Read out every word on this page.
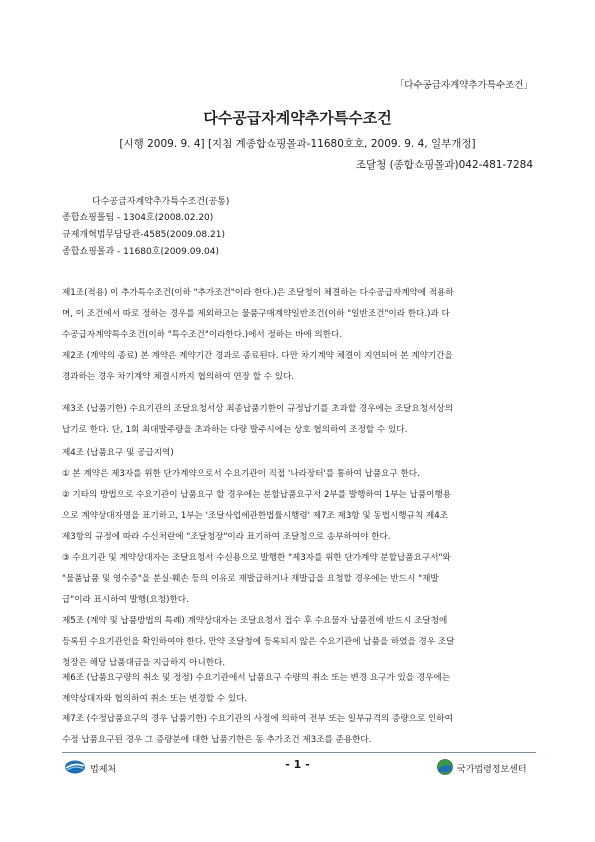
「다수공급자계약추가특수조건」
다수공급자계약추가특수조건
[시행 2009. 9. 4] [지침 계종합쇼핑몰과-11680호호, 2009. 9. 4, 일부개정]
조달청 (종합쇼핑몰과)042-481-7284
다수공급자계약추가특수조건(공통)
종합쇼핑몰팀 - 1304호(2008.02.20)
규제개혁법무담당관-4585(2009.08.21)
종합쇼핑몰과 - 11680호(2009.09.04)
제1조(적용) 이 추가특수조건(이하 "추가조건"이라 한다.)은 조달청이 체결하는 다수공급자계약에 적용하
며, 이 조건에서 따로 정하는 경우를 제외하고는 물품구매계약일반조건(이하 "일반조건"이라 한다.)과 다
수공급자계약특수조건(이하 "특수조건"이라한다.)에서 정하는 바에 의한다.
제2조 (계약의 종료) 본 계약은 계약기간 경과로 종료된다. 다만 차기계약 체결이 지연되어 본 계약기간을
경과하는 경우 차기계약 체결시까지 협의하여 연장 할 수 있다.
제3조 (납품기한) 수요기관의 조달요청서상 최종납품기한이 규정납기를 초과할 경우에는 조달요청서상의
납기로 한다. 단, 1회 최대발주량을 초과하는 다량 발주시에는 상호 협의하여 조정할 수 있다.
제4조 (납품요구 및 공급지역)
① 본 계약은 제3자를 위한 단가계약으로서 수요기관이 직접 '나라장터'를 통하여 납품요구 한다.
② 기타의 방법으로 수요기관이 납품요구 할 경우에는 분할납품요구서 2부를 발행하여 1부는 납품이행용
으로 계약상대자명을 표기하고, 1부는 '조달사업에관한법률시행령' 제7조 제3항 및 동법시행규칙 제4조
제3항의 규정에 따라 수신처란에 "조달청장"이라 표기하여 조달청으로 송부하여야 한다.
③ 수요기관 및 계약상대자는 조달요청서 수신용으로 발행한 "제3자를 위한 단가계약 분할납품요구서"와
"물품납품 및 영수증"을 분실·훼손 등의 이유로 재발급하거나 재발급을 요청할 경우에는 반드시 "재발
급"이라 표시하여 발행(요청)한다.
제5조 (계약 및 납품방법의 특례) 계약상대자는 조달요청서 접수 후 수요물자 납품전에 반드시 조달청에
등록된 수요기관인을 확인하여야 한다. 만약 조달청에 등록되지 않은 수요기관에 납품을 하였을 경우 조달
청장은 해당 납품대금을 지급하지 아니한다.
제6조 (납품요구량의 취소 및 정정) 수요기관에서 납품요구 수량의 취소 또는 변경 요구가 있을 경우에는
계약상대자와 협의하여 취소 또는 변경할 수 있다.
제7조 (수정납품요구의 경우 납품기한) 수요기관의 사정에 의하여 전부 또는 일부규격의 증량으로 인하여
수정 납품요구된 경우 그 증량분에 대한 납품기한은 동 추가조건 제3조를 준용한다.
법제처	- 1 -	국가법령정보센터
